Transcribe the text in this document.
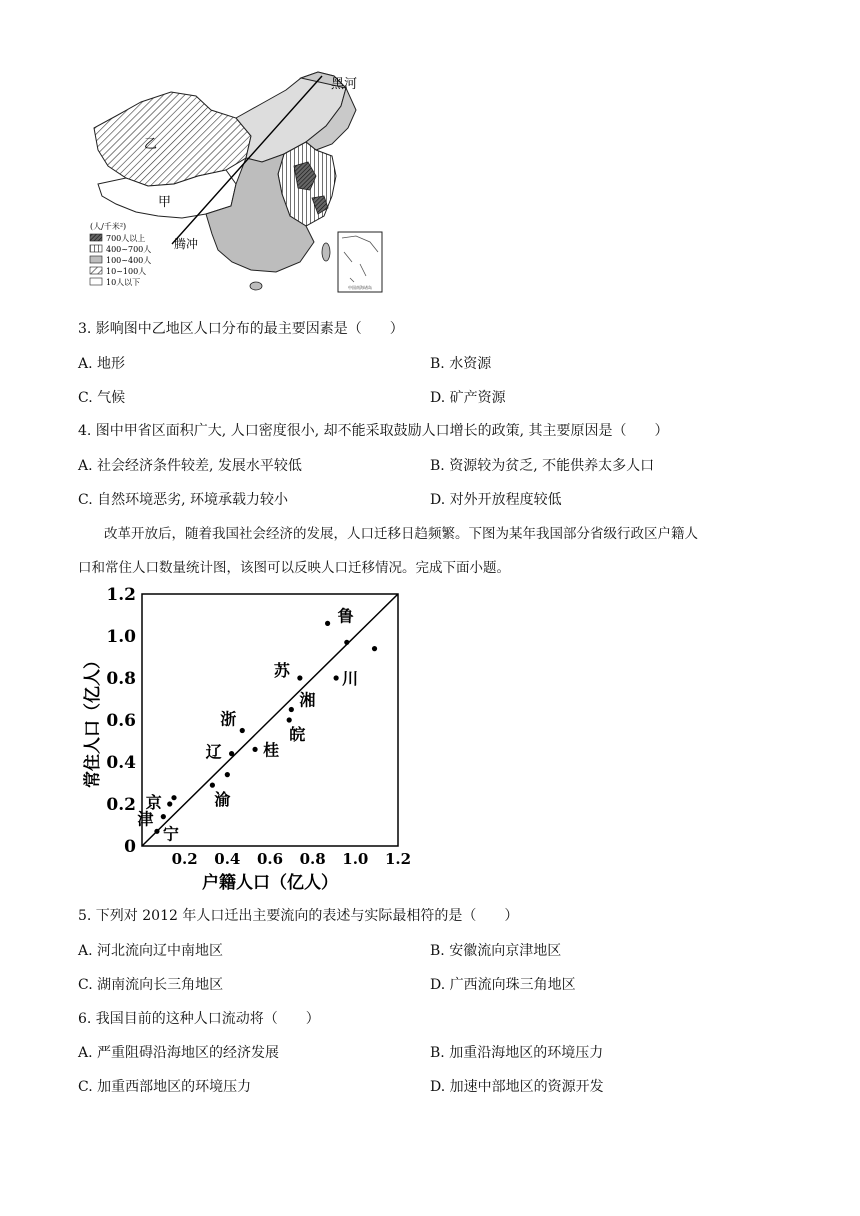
中国南海诸岛
黑河
腾冲
乙
甲
(人/千米²)
700人以上
400~700人
100~400人
10~100人
10人以下
3. 影响图中乙地区人口分布的最主要因素是（　　）
A. 地形	B. 水资源
C. 气候	D. 矿产资源
4. 图中甲省区面积广大, 人口密度很小, 却不能采取鼓励人口增长的政策, 其主要原因是（　　）
A. 社会经济条件较差, 发展水平较低	B. 资源较为贫乏, 不能供养太多人口
C. 自然环境恶劣, 环境承载力较小	D. 对外开放程度较低
改革开放后，随着我国社会经济的发展，人口迁移日趋频繁。下图为某年我国部分省级行政区户籍人
口和常住人口数量统计图，该图可以反映人口迁移情况。完成下面小题。
0
0.2
0.4
0.6
0.8
1.0
1.2
0.2 0.4 0.6 0.8 1.0 1.2
宁
津
京	渝
辽
浙
桂
皖
湘
苏
鲁
川
户籍人口（亿人）
常住人口（亿人）
5. 下列对 2012 年人口迁出主要流向的表述与实际最相符的是（　　）
A. 河北流向辽中南地区	B. 安徽流向京津地区
C. 湖南流向长三角地区	D. 广西流向珠三角地区
6. 我国目前的这种人口流动将（　　）
A. 严重阻碍沿海地区的经济发展	B. 加重沿海地区的环境压力
C. 加重西部地区的环境压力	D. 加速中部地区的资源开发
